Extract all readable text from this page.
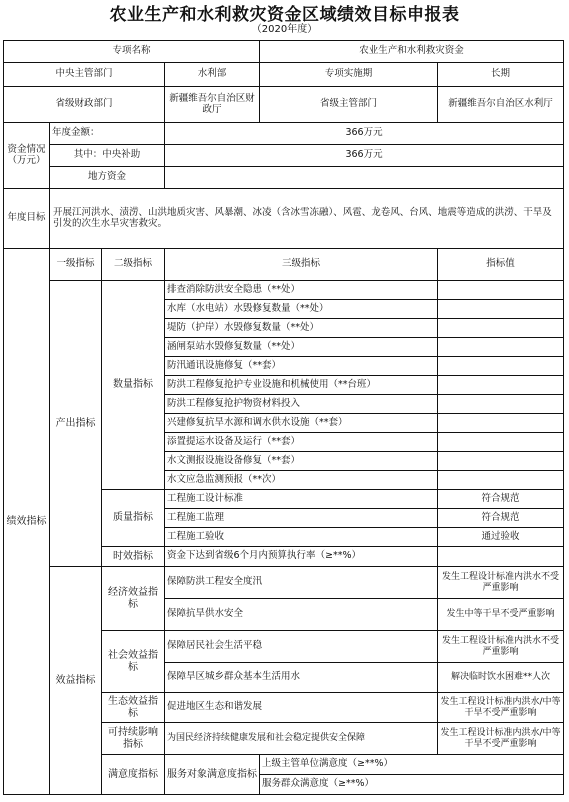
农业生产和水利救灾资金区域绩效目标申报表
（2020年度）
专项名称				农业生产和水利救灾资金		
中央主管部门			水利部	专项实施期	长期	
省级财政部门			新疆维吾尔自治区财政厅	省级主管部门	新疆维吾尔自治区水利厅	
资金情况（万元）	年度金额：		366万元			
	其中：中央补助		366万元			
	地方资金					
年度目标	开展江河洪水、渍涝、山洪地质灾害、风暴潮、冰凌（含冰雪冻融）、风雹、龙卷风、台风、地震等造成的洪涝、干旱及引发的次生水旱灾害救灾。					
绩效指标	一级指标	二级指标	三级指标		指标值	
	产出指标	数量指标	排查消除防洪安全隐患（**处）			
			水库（水电站）水毁修复数量（**处）			
			堤防（护岸）水毁修复数量（**处）			
			涵闸泵站水毁修复数量（**处）			
			防汛通讯设施修复（**套）			
			防洪工程修复抢护专业设施和机械使用（**台班）			
			防洪工程修复抢护物资材料投入			
			兴建修复抗旱水源和调水供水设施（**套）			
			添置提运水设备及运行（**套）			
			水文测报设施设备修复（**套）			
			水文应急监测预报（**次）			
		质量指标	工程施工设计标准		符合规范	
			工程施工监理		符合规范	
			工程施工验收		通过验收	
		时效指标	资金下达到省级6个月内预算执行率（≥**%）			
	效益指标	经济效益指标	保障防洪工程安全度汛		发生工程设计标准内洪水不受严重影响	
			保障抗旱供水安全		发生中等干旱不受严重影响	
		社会效益指标	保障居民社会生活平稳		发生工程设计标准内洪水不受严重影响	
			保障旱区城乡群众基本生活用水		解决临时饮水困难**人次	
		生态效益指标	促进地区生态和谐发展		发生工程设计标准内洪水/中等干旱不受严重影响	
		可持续影响指标	为国民经济持续健康发展和社会稳定提供安全保障		发生工程设计标准内洪水/中等干旱不受严重影响	
		满意度指标	服务对象满意度指标	上级主管单位满意度（≥**%）		
				服务群众满意度（≥**%）		
